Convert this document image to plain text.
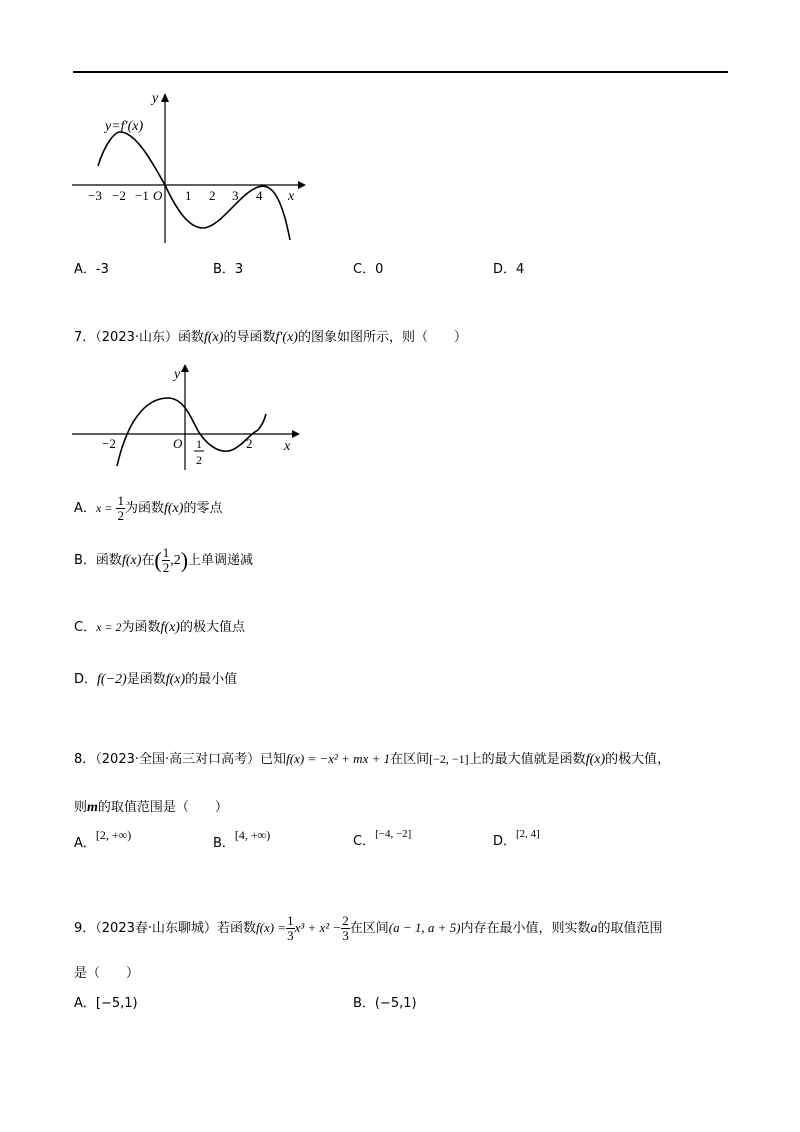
y
x
O
y=f′(x)
−3 −2 −1	1 2 3 4
A．-3	B．3	C．0	D．4
7．（2023·山东）函数f(x)的导函数f′(x)的图象如图所示，则（　　）
y
x
O
−2	1
2
2
A．$x = \frac{1}{2}$ 为函数f(x)的零点
B．函数f(x)在( $\frac{1}{2} ,2$)上单调递减
C．x = 2为函数f(x)的极大值点
D．f(−2)是函数f(x)的最小值
8．（2023·全国·高三对口高考）已知f(x) = −x² + mx + 1在区间[−2, −1]上的最大值就是函数f(x)的极大值，
则m的取值范围是（　　）
A．[2, +∞)
B．[4, +∞)	C．[−4, −2]	D．[2, 4]
9．（2023春·山东聊城）若函数$f(x) = \frac{1}{3} x^3 + x^2 - \frac{2}{3}$ 在区间(a − 1, a + 5)内存在最小值，则实数a的取值范围
是（　　）
A．[−5,1)	B．(−5,1)
